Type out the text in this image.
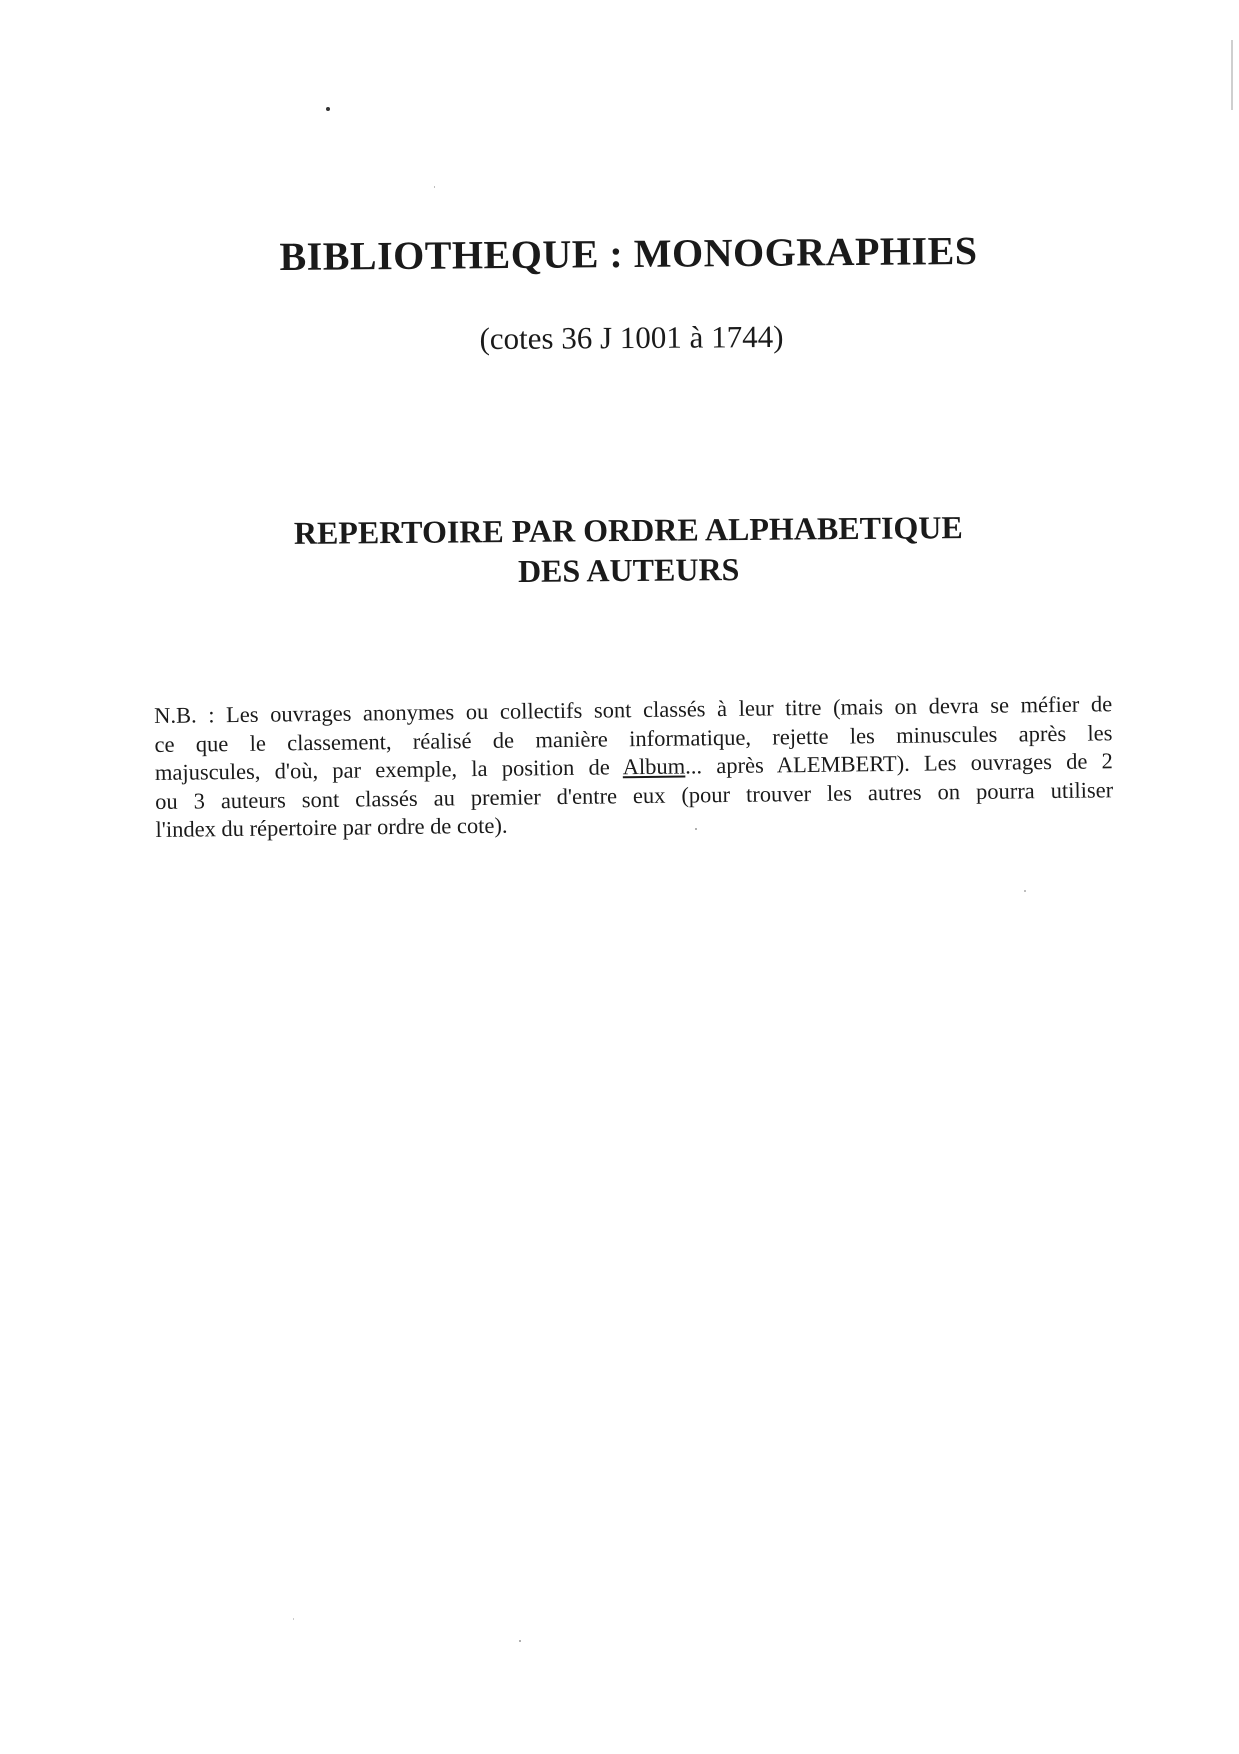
BIBLIOTHEQUE : MONOGRAPHIES
(cotes 36 J 1001 à 1744)
REPERTOIRE PAR ORDRE ALPHABETIQUE
DES AUTEURS
N.B. : Les ouvrages anonymes ou collectifs sont classés à leur titre (mais on devra se méfier de
ce que le classement, réalisé de manière informatique, rejette les minuscules après les
majuscules, d'où, par exemple, la position de Album... après ALEMBERT). Les ouvrages de 2
ou 3 auteurs sont classés au premier d'entre eux (pour trouver les autres on pourra utiliser
l'index du répertoire par ordre de cote).
